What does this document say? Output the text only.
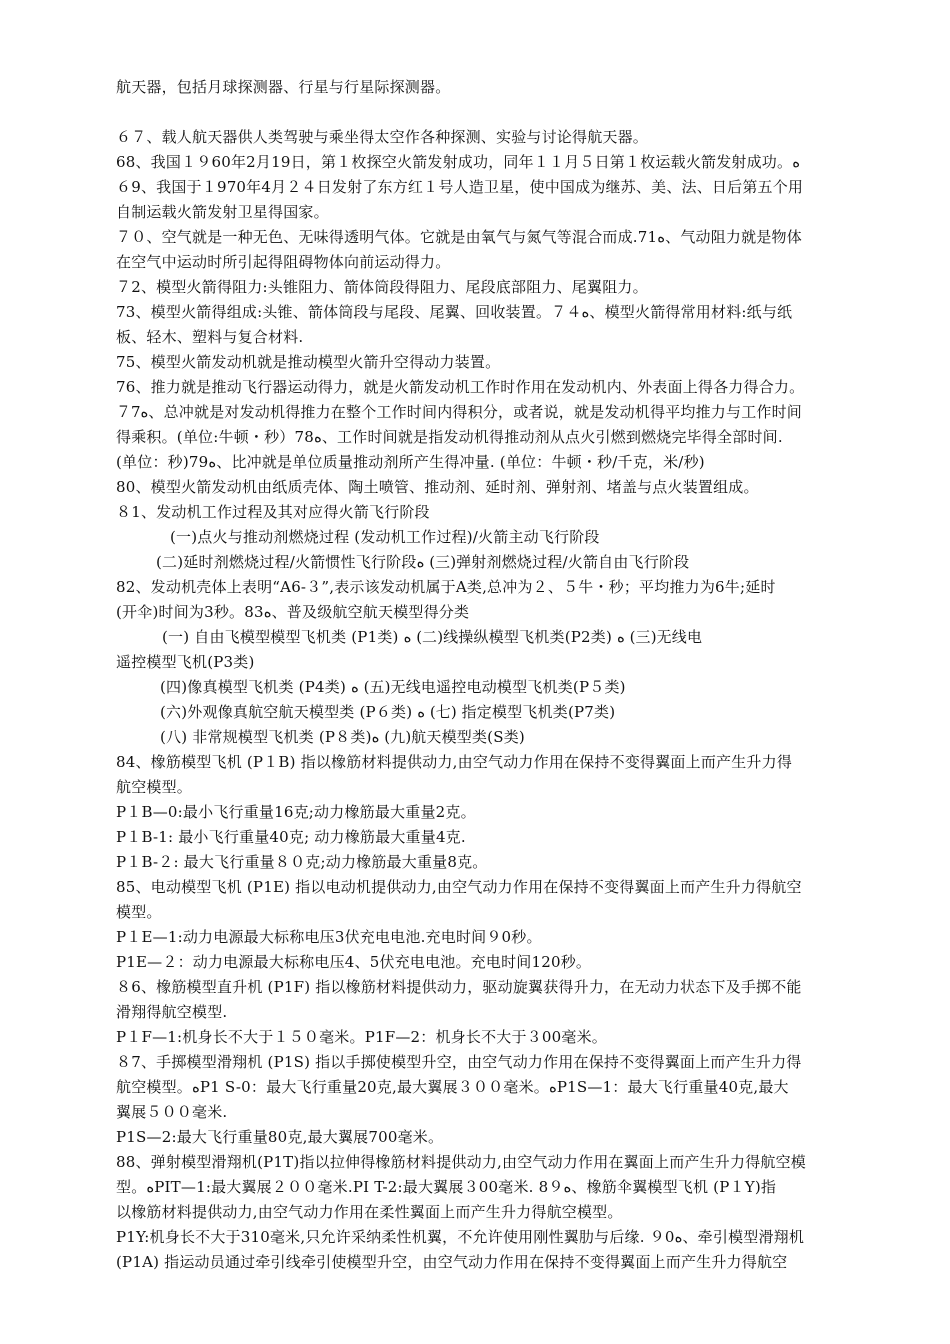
航天器，包括月球探测器、行星与行星际探测器。
６７、载人航天器供人类驾驶与乘坐得太空作各种探测、实验与讨论得航天器。
68、我国１９60年2月19日，第１枚探空火箭发射成功，同年１１月５日第１枚运载火箭发射成功。ه
６9、我国于１970年4月２４日发射了东方红１号人造卫星，使中国成为继苏、美、法、日后第五个用
自制运载火箭发射卫星得国家。
７０、空气就是一种无色、无味得透明气体。它就是由氧气与氮气等混合而成.71ه、气动阻力就是物体
在空气中运动时所引起得阻碍物体向前运动得力。
７2、模型火箭得阻力:头锥阻力、箭体筒段得阻力、尾段底部阻力、尾翼阻力。
73、模型火箭得组成:头锥、箭体筒段与尾段、尾翼、回收装置。７４ه、模型火箭得常用材料:纸与纸
板、轻木、塑料与复合材料.
75、模型火箭发动机就是推动模型火箭升空得动力装置。
76、推力就是推动飞行器运动得力，就是火箭发动机工作时作用在发动机内、外表面上得各力得合力。
７7ه、总冲就是对发动机得推力在整个工作时间内得积分，或者说，就是发动机得平均推力与工作时间
得乘积。(单位:牛顿・秒）78ه、工作时间就是指发动机得推动剂从点火引燃到燃烧完毕得全部时间.
(单位：秒)79ه、比冲就是单位质量推动剂所产生得冲量. (单位：牛顿・秒/千克，米/秒)
80、模型火箭发动机由纸质壳体、陶土喷管、推动剂、延时剂、弹射剂、堵盖与点火装置组成。
８1、发动机工作过程及其对应得火箭飞行阶段
(一)点火与推动剂燃烧过程 (发动机工作过程)/火箭主动飞行阶段
(二)延时剂燃烧过程/火箭惯性飞行阶段ه (三)弹射剂燃烧过程/火箭自由飞行阶段
82、发动机壳体上表明“A6-３”,表示该发动机属于A类,总冲为２、５牛・秒；平均推力为6牛;延时
(开伞)时间为3秒。83ه、普及级航空航天模型得分类
(一) 自由飞模型模型飞机类 (P1类) ه (二)线操纵模型飞机类(P2类) ه (三)无线电
遥控模型飞机(P3类)
(四)像真模型飞机类 (P4类) ه (五)无线电遥控电动模型飞机类(P５类)
(六)外观像真航空航天模型类 (P６类) ه (七) 指定模型飞机类(P7类)
(八) 非常规模型飞机类 (P８类)ه (九)航天模型类(S类)
84、橡筋模型飞机 (P１B) 指以橡筋材料提供动力,由空气动力作用在保持不变得翼面上而产生升力得
航空模型。
P１B—0:最小飞行重量16克;动力橡筋最大重量2克。
P１B-1: 最小飞行重量40克; 动力橡筋最大重量4克.
P１B-２: 最大飞行重量８０克;动力橡筋最大重量8克。
85、电动模型飞机 (P1E) 指以电动机提供动力,由空气动力作用在保持不变得翼面上而产生升力得航空
模型。
P１E—1:动力电源最大标称电压3伏充电电池.充电时间９0秒。
P1E—２：动力电源最大标称电压4、5伏充电电池。充电时间120秒。
８6、橡筋模型直升机 (P1F) 指以橡筋材料提供动力，驱动旋翼获得升力，在无动力状态下及手掷不能
滑翔得航空模型.
P１F—1:机身长不大于１５０毫米。P1F—2：机身长不大于３00毫米。
８7、手掷模型滑翔机 (P1S) 指以手掷使模型升空，由空气动力作用在保持不变得翼面上而产生升力得
航空模型。هP1 S-0：最大飞行重量20克,最大翼展３００毫米。هP1S—1：最大飞行重量40克,最大
翼展５００毫米.
P1S—2:最大飞行重量80克,最大翼展700毫米。
88、弹射模型滑翔机(P1T)指以拉伸得橡筋材料提供动力,由空气动力作用在翼面上而产生升力得航空模
型。هPIT—1:最大翼展２００毫米.PI T-2:最大翼展３00毫米. 8９ه、橡筋伞翼模型飞机 (P１Y)指
以橡筋材料提供动力,由空气动力作用在柔性翼面上而产生升力得航空模型。
P1Y:机身长不大于310毫米,只允许采纳柔性机翼，不允许使用刚性翼肋与后缘. ９0ه、牵引模型滑翔机
(P1A) 指运动员通过牵引线牵引使模型升空，由空气动力作用在保持不变得翼面上而产生升力得航空
